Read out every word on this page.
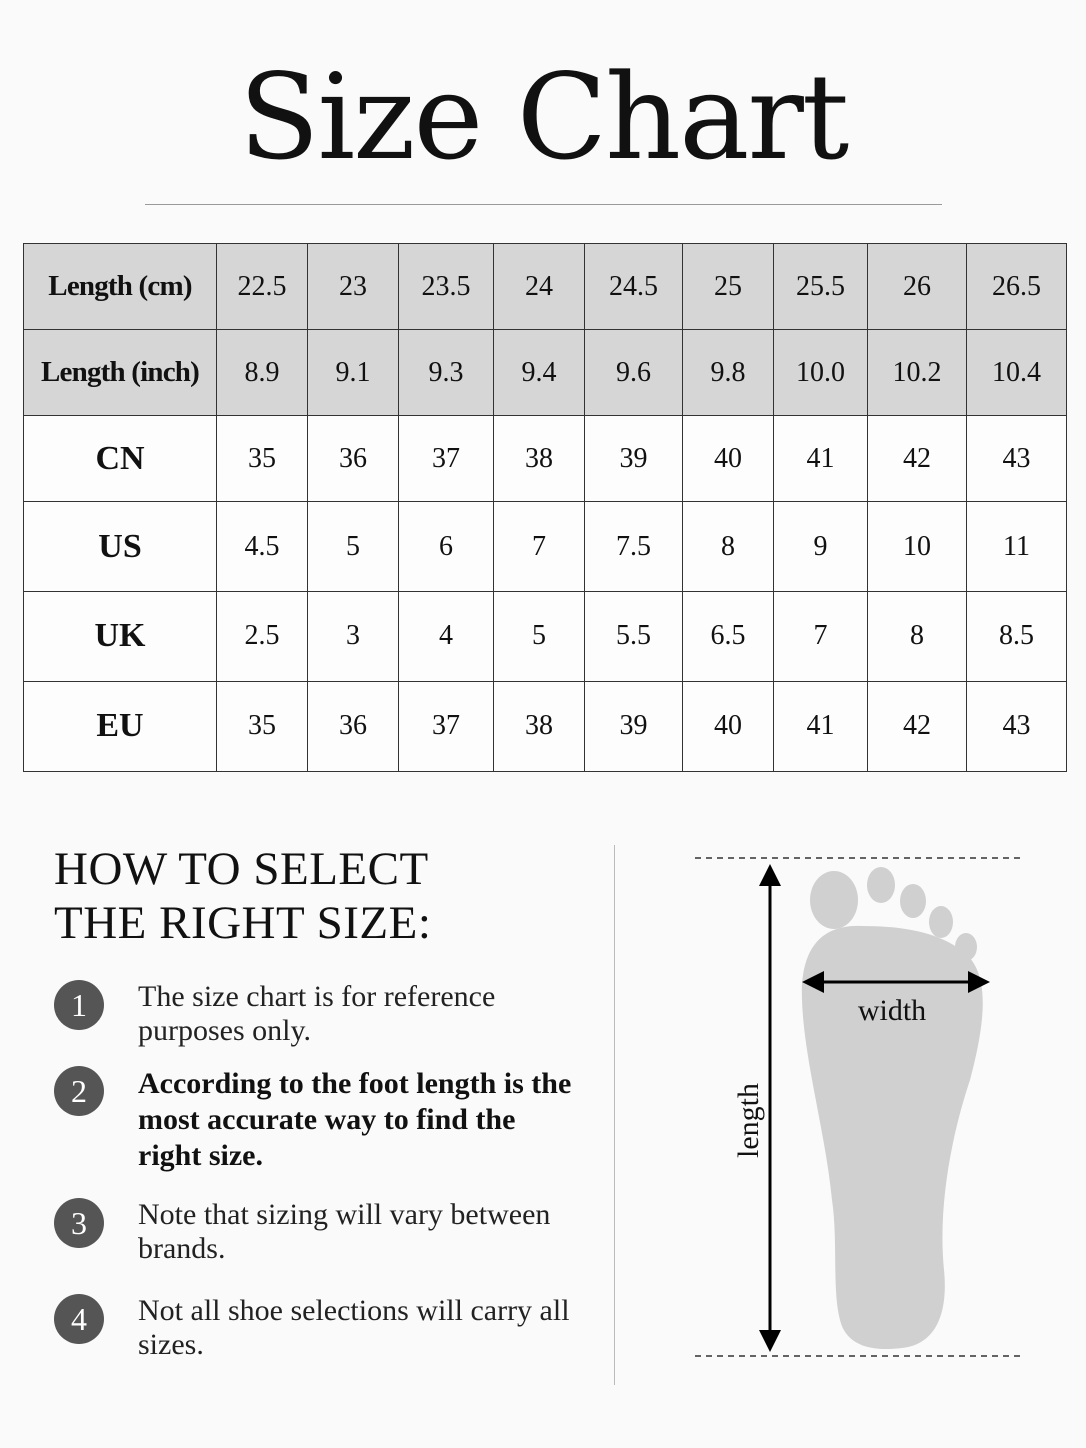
Size Chart
Length (cm)	22.5	23	23.5	24	24.5	25	25.5	26	26.5
Length (inch)	8.9	9.1	9.3	9.4	9.6	9.8	10.0	10.2	10.4
CN	35	36	37	38	39	40	41	42	43
US	4.5	5	6	7	7.5	8	9	10	11
UK	2.5	3	4	5	5.5	6.5	7	8	8.5
EU	35	36	37	38	39	40	41	42	43
HOW TO SELECT
THE RIGHT SIZE:
1	The size chart is for reference purposes only.
2	According to the foot length is the most accurate way to find the right size.
3	Note that sizing will vary between brands.
4	Not all shoe selections will carry all sizes.
length
width
